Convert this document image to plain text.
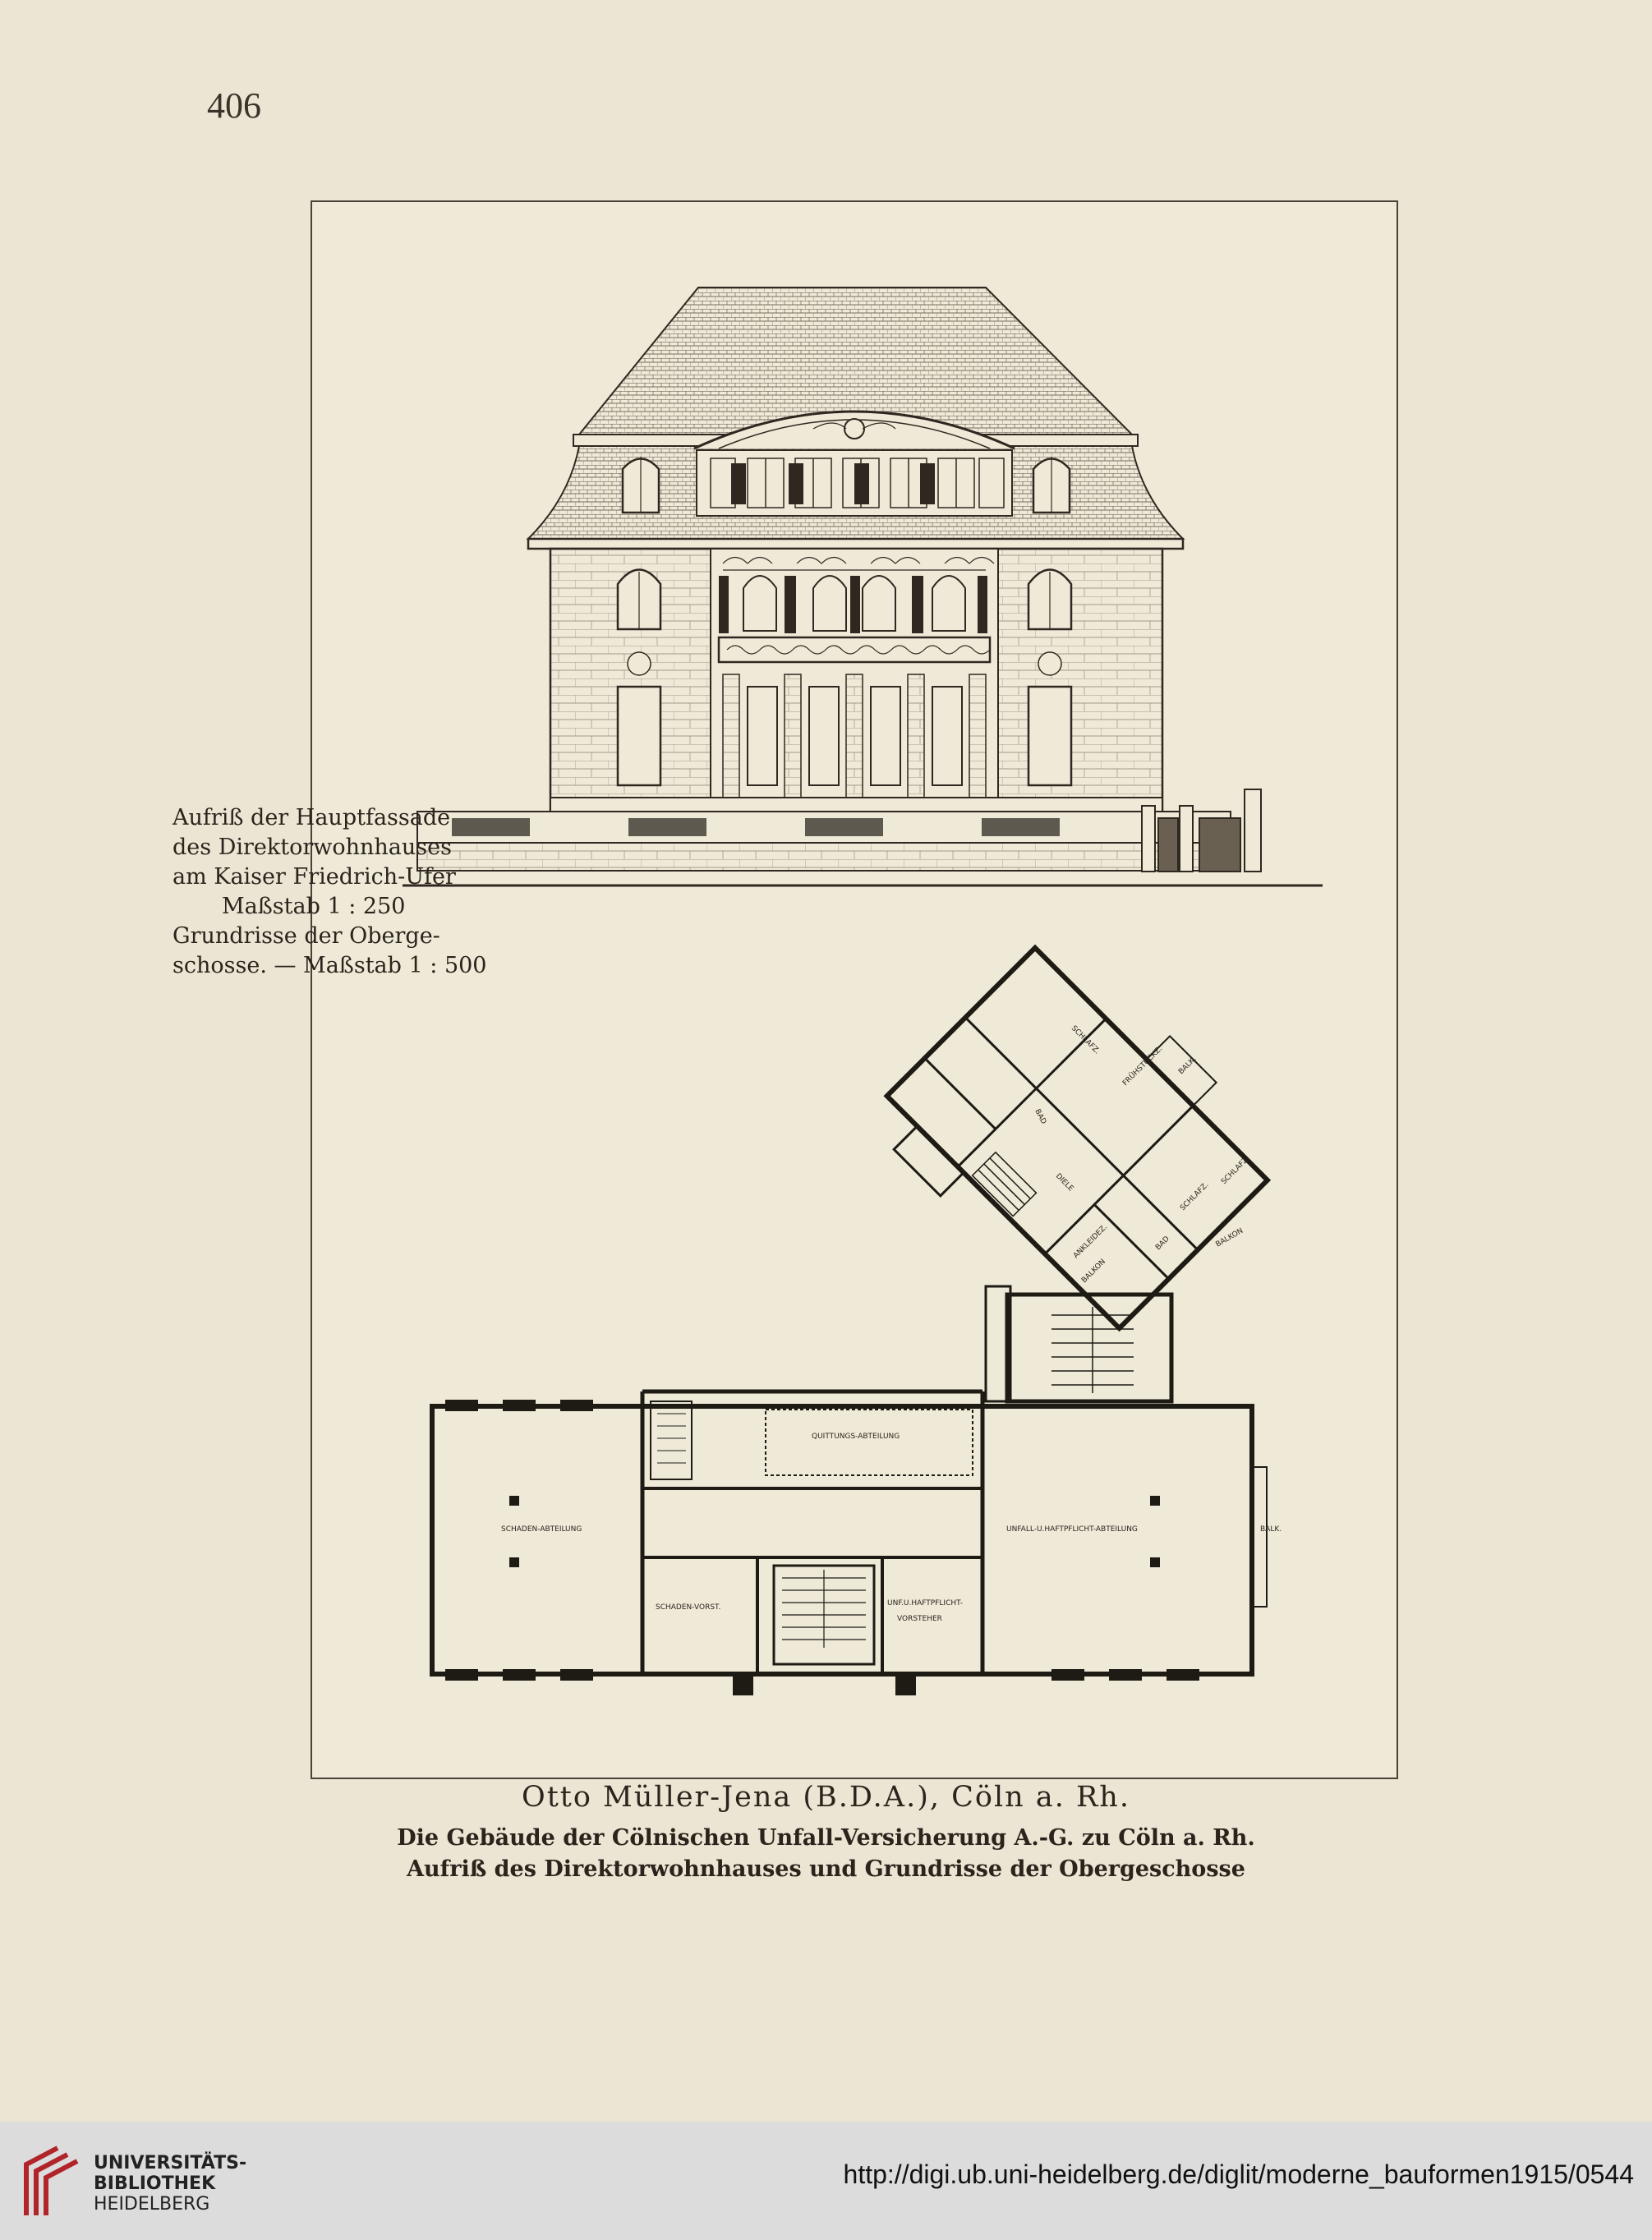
406
BAD
SCHLAFZ.
FRÜHSTÜCKZ. BALK.
DIELE	SCHLAFZ.
SCHLAFZ.
ANKLEIDEZ.
BALKON
BAD	BALKON
QUITTUNGS-ABTEILUNG
SCHADEN-ABTEILUNG	UNFALL-U.HAFTPFLICHT-ABTEILUNG	BALK.
SCHADEN-VORST.	UNF.U.HAFTPFLICHT-
VORSTEHER
Aufriß der Hauptfassade
des Direktorwohnhauses
am Kaiser Friedrich-Ufer
Maßstab 1 : 250
Grundrisse der Oberge-
schosse. — Maßstab 1 : 500
Otto Müller-Jena (B.D.A.), Cöln a. Rh.
Die Gebäude der Cölnischen Unfall-Versicherung A.-G. zu Cöln a. Rh.
Aufriß des Direktorwohnhauses und Grundrisse der Obergeschosse
UNIVERSITÄTS-
BIBLIOTHEK
HEIDELBERG
http://digi.ub.uni-heidelberg.de/diglit/moderne_bauformen1915/0544
